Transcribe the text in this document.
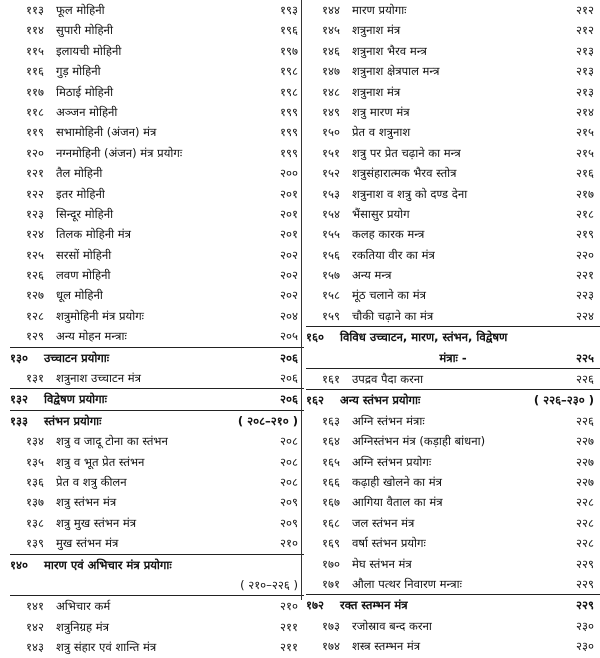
११३ फूल मोहिनी	१९३
११४ सुपारी मोहिनी	१९६
११५ इलायची मोहिनी	१९७
११६ गुड़ मोहिनी	१९८
११७ मिठाई मोहिनी	१९८
११८ अञ्जन मोहिनी	१९९
११९ सभामोहिनी (अंजन) मंत्र	१९९
१२० नग्नमोहिनी (अंजन) मंत्र प्रयोगः	१९९
१२१ तैल मोहिनी	२००
१२२ इतर मोहिनी	२०१
१२३ सिन्दूर मोहिनी	२०१
१२४ तिलक मोहिनी मंत्र	२०१
१२५ सरसों मोहिनी	२०२
१२६ लवण मोहिनी	२०२
१२७ धूल मोहिनी	२०२
१२८ शत्रुमोहिनी मंत्र प्रयोगः	२०४
१२९ अन्य मोहन मन्त्राः	२०५
१३० उच्चाटन प्रयोगाः	२०६
१३१ शत्रुनाश उच्चाटन मंत्र	२०६
१३२ विद्वेषण प्रयोगाः	२०६
१३३ स्तंभन प्रयोगाः	( २०८–२१० )
१३४ शत्रु व जादू टोना का स्तंभन	२०८
१३५ शत्रु व भूत प्रेत स्तंभन	२०८
१३६ प्रेत व शत्रु कीलन	२०८
१३७ शत्रु स्तंभन मंत्र	२०९
१३८ शत्रु मुख स्तंभन मंत्र	२०९
१३९ मुख स्तंभन मंत्र	२१०
१४० मारण एवं अभिचार मंत्र प्रयोगाः
( २१०–२२६ )
१४१ अभिचार कर्म	२१०
१४२ शत्रुनिग्रह मंत्र	२११
१४३ शत्रु संहार एवं शान्ति मंत्र	२११
१४४ मारण प्रयोगाः	२१२
१४५ शत्रुनाश मंत्र	२१२
१४६ शत्रुनाश भैरव मन्त्र	२१३
१४७ शत्रुनाश क्षेत्रपाल मन्त्र	२१३
१४८ शत्रुनाश मंत्र	२१३
१४९ शत्रु मारण मंत्र	२१४
१५० प्रेत व शत्रुनाश	२१५
१५१ शत्रु पर प्रेत चढ़ाने का मन्त्र	२१५
१५२ शत्रुसंहारात्मक भैरव स्तोत्र	२१६
१५३ शत्रुनाश व शत्रु को दण्ड देना	२१७
१५४ भैंसासुर प्रयोग	२१८
१५५ कलह कारक मन्त्र	२१९
१५६ रकतिया वीर का मंत्र	२२०
१५७ अन्य मन्त्र	२२१
१५८ मूंठ चलाने का मंत्र	२२३
१५९ चौकी चढ़ाने का मंत्र	२२४
१६० विविध उच्चाटन, मारण, स्तंभन, विद्वेषण
मंत्राः -	२२५
१६१ उपद्रव पैदा करना	२२६
१६२ अन्य स्तंभन प्रयोगाः	( २२६–२३० )
१६३ अग्नि स्तंभन मंत्राः	२२६
१६४ अग्निस्तंभन मंत्र (कड़ाही बांधना)	२२७
१६५ अग्नि स्तंभन प्रयोगः	२२७
१६६ कढ़ाही खोलने का मंत्र	२२७
१६७ आगिया वैताल का मंत्र	२२८
१६८ जल स्तंभन मंत्र	२२८
१६९ वर्षा स्तंभन प्रयोगः	२२८
१७० मेघ स्तंभन मंत्र	२२९
१७१ औला पत्थर निवारण मन्त्राः	२२९
१७२ रक्त स्तम्भन मंत्र	२२९
१७३ रजोस्राव बन्द करना	२३०
१७४ शस्त्र स्तम्भन मंत्र	२३०
